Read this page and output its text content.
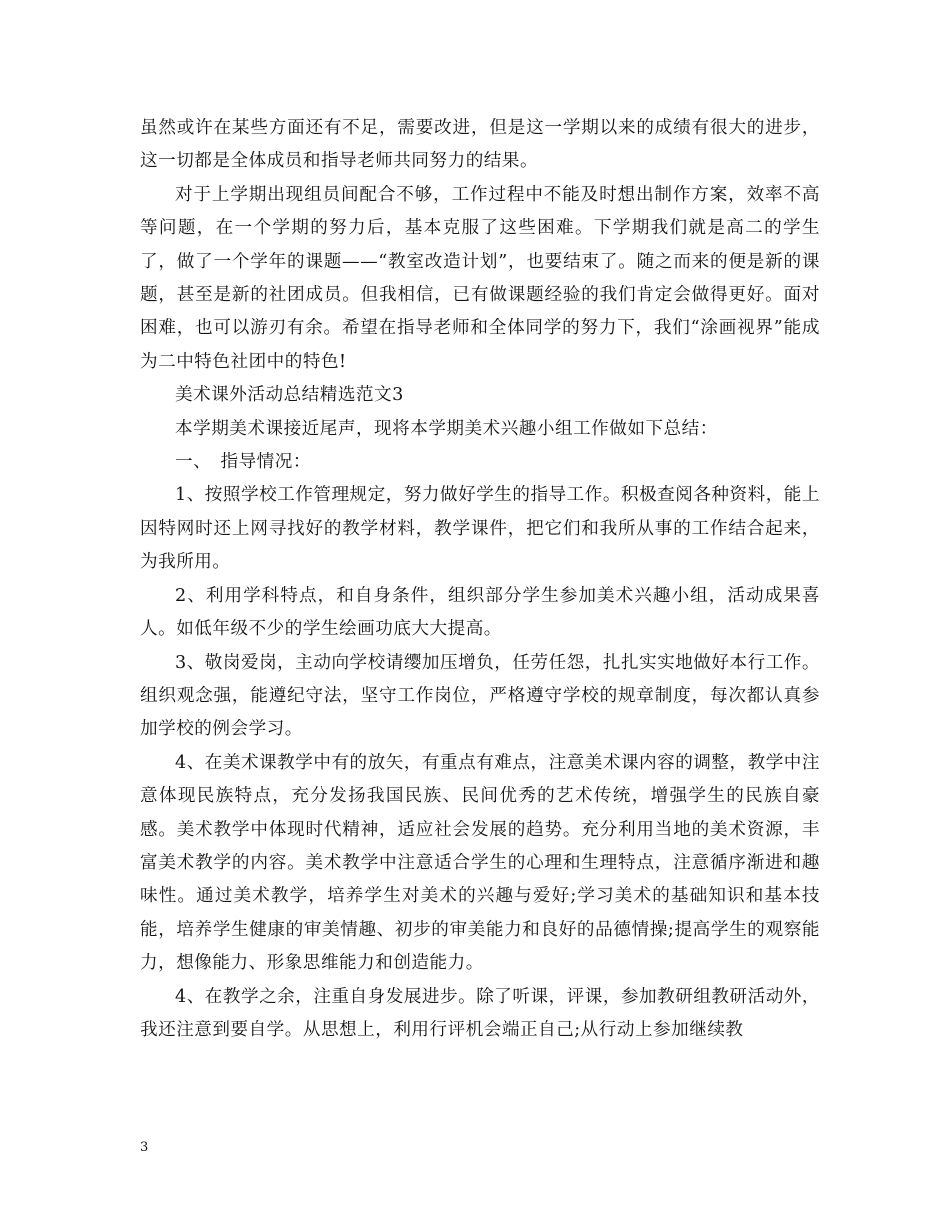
虽然或许在某些方面还有不足，需要改进，但是这一学期以来的成绩有很大的进步，这一切都是全体成员和指导老师共同努力的结果。

对于上学期出现组员间配合不够，工作过程中不能及时想出制作方案，效率不高等问题，在一个学期的努力后，基本克服了这些困难。下学期我们就是高二的学生了，做了一个学年的课题——“教室改造计划”，也要结束了。随之而来的便是新的课题，甚至是新的社团成员。但我相信，已有做课题经验的我们肯定会做得更好。面对困难，也可以游刃有余。希望在指导老师和全体同学的努力下，我们“涂画视界”能成为二中特色社团中的特色!

美术课外活动总结精选范文3

本学期美术课接近尾声，现将本学期美术兴趣小组工作做如下总结：

一、　指导情况：

1、按照学校工作管理规定，努力做好学生的指导工作。积极查阅各种资料，能上因特网时还上网寻找好的教学材料，教学课件，把它们和我所从事的工作结合起来，为我所用。

2、利用学科特点，和自身条件，组织部分学生参加美术兴趣小组，活动成果喜人。如低年级不少的学生绘画功底大大提高。

3、敬岗爱岗，主动向学校请缨加压增负，任劳任怨，扎扎实实地做好本行工作。组织观念强，能遵纪守法，坚守工作岗位，严格遵守学校的规章制度，每次都认真参加学校的例会学习。

4、在美术课教学中有的放矢，有重点有难点，注意美术课内容的调整，教学中注意体现民族特点，充分发扬我国民族、民间优秀的艺术传统，增强学生的民族自豪感。美术教学中体现时代精神，适应社会发展的趋势。充分利用当地的美术资源，丰富美术教学的内容。美术教学中注意适合学生的心理和生理特点，注意循序渐进和趣味性。通过美术教学，培养学生对美术的兴趣与爱好;学习美术的基础知识和基本技能，培养学生健康的审美情趣、初步的审美能力和良好的品德情操;提高学生的观察能力，想像能力、形象思维能力和创造能力。

4、在教学之余，注重自身发展进步。除了听课，评课，参加教研组教研活动外，我还注意到要自学。从思想上，利用行评机会端正自己;从行动上参加继续教

3
